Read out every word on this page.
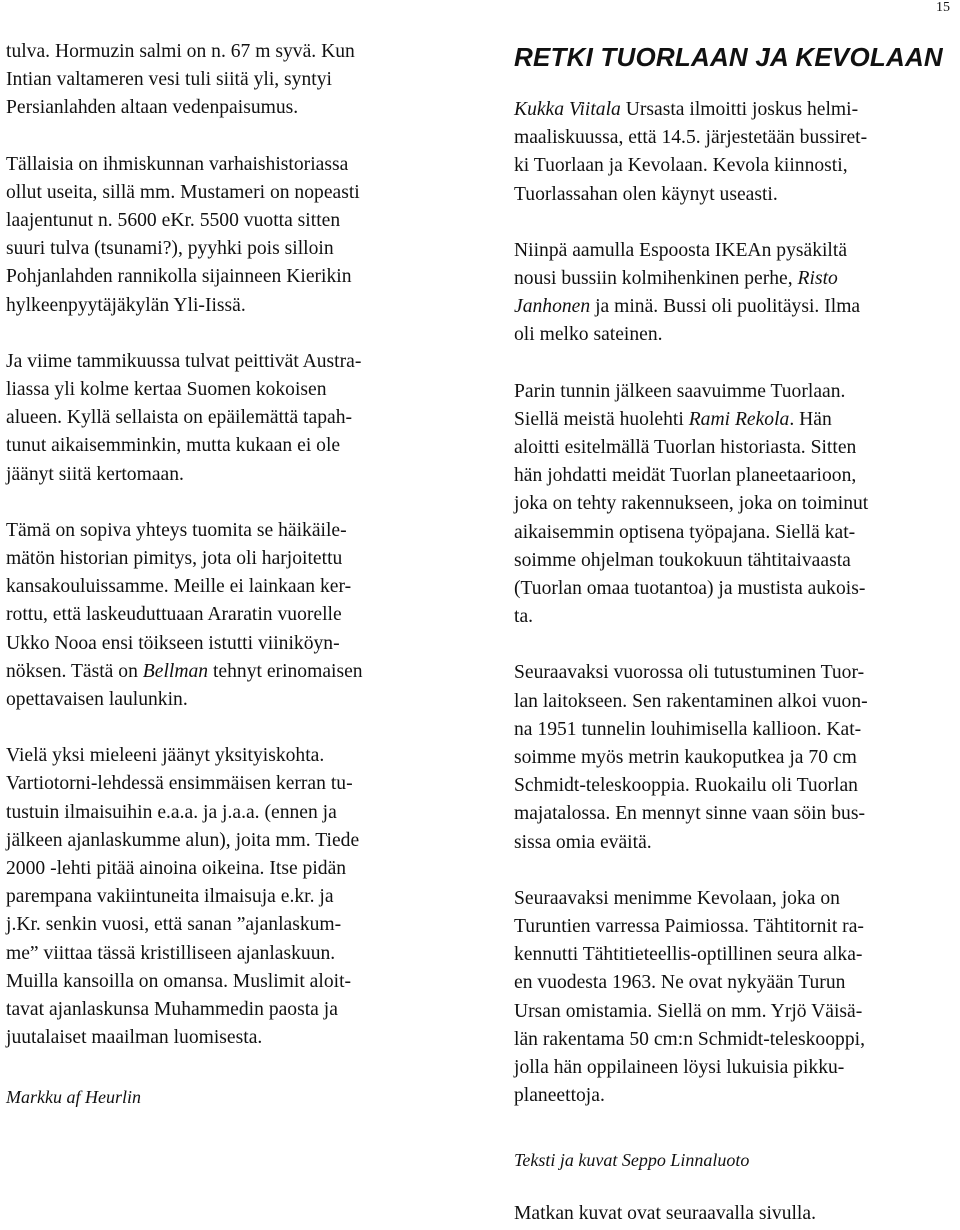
15

tulva. Hormuzin salmi on n. 67 m syvä. Kun
Intian valtameren vesi tuli siitä yli, syntyi
Persianlahden altaan vedenpaisumus.

Tällaisia on ihmiskunnan varhaishistoriassa
ollut useita, sillä mm. Mustameri on nopeasti
laajentunut n. 5600 eKr. 5500 vuotta sitten
suuri tulva (tsunami?), pyyhki pois silloin
Pohjanlahden rannikolla sijainneen Kierikin
hylkeenpyytäjäkylän Yli-Iissä.

Ja viime tammikuussa tulvat peittivät Austra-
liassa yli kolme kertaa Suomen kokoisen
alueen. Kyllä sellaista on epäilemättä tapah-
tunut aikaisemminkin, mutta kukaan ei ole
jäänyt siitä kertomaan.

Tämä on sopiva yhteys tuomita se häikäile-
mätön historian pimitys, jota oli harjoitettu
kansakouluissamme. Meille ei lainkaan ker-
rottu, että laskeuduttuaan Araratin vuorelle
Ukko Nooa ensi töikseen istutti viiniköyn-
nöksen. Tästä on Bellman tehnyt erinomaisen
opettavaisen laulunkin.

Vielä yksi mieleeni jäänyt yksityiskohta.
Vartiotorni-lehdessä ensimmäisen kerran tu-
tustuin ilmaisuihin e.a.a. ja j.a.a. (ennen ja
jälkeen ajanlaskumme alun), joita mm. Tiede
2000 -lehti pitää ainoina oikeina. Itse pidän
parempana vakiintuneita ilmaisuja e.kr. ja
j.Kr. senkin vuosi, että sanan ”ajanlaskum-
me” viittaa tässä kristilliseen ajanlaskuun.
Muilla kansoilla on omansa. Muslimit aloit-
tavat ajanlaskunsa Muhammedin paosta ja
juutalaiset maailman luomisesta.

Markku af Heurlin
RETKI TUORLAAN JA KEVOLAAN

Kukka Viitala Ursasta ilmoitti joskus helmi-
maaliskuussa, että 14.5. järjestetään bussiret-
ki Tuorlaan ja Kevolaan. Kevola kiinnosti,
Tuorlassahan olen käynyt useasti.

Niinpä aamulla Espoosta IKEAn pysäkiltä
nousi bussiin kolmihenkinen perhe, Risto
Janhonen ja minä. Bussi oli puolitäysi. Ilma
oli melko sateinen.

Parin tunnin jälkeen saavuimme Tuorlaan.
Siellä meistä huolehti Rami Rekola. Hän
aloitti esitelmällä Tuorlan historiasta. Sitten
hän johdatti meidät Tuorlan planeetaarioon,
joka on tehty rakennukseen, joka on toiminut
aikaisemmin optisena työpajana. Siellä kat-
soimme ohjelman toukokuun tähtitaivaasta
(Tuorlan omaa tuotantoa) ja mustista aukois-
ta.

Seuraavaksi vuorossa oli tutustuminen Tuor-
lan laitokseen. Sen rakentaminen alkoi vuon-
na 1951 tunnelin louhimisella kallioon. Kat-
soimme myös metrin kaukoputkea ja 70 cm
Schmidt-teleskooppia. Ruokailu oli Tuorlan
majatalossa. En mennyt sinne vaan söin bus-
sissa omia eväitä.

Seuraavaksi menimme Kevolaan, joka on
Turuntien varressa Paimiossa. Tähtitornit ra-
kennutti Tähtitieteellis-optillinen seura alka-
en vuodesta 1963. Ne ovat nykyään Turun
Ursan omistamia. Siellä on mm. Yrjö Väisä-
län rakentama 50 cm:n Schmidt-teleskooppi,
jolla hän oppilaineen löysi lukuisia pikku-
planeettoja.

Teksti ja kuvat Seppo Linnaluoto
Matkan kuvat ovat seuraavalla sivulla.
